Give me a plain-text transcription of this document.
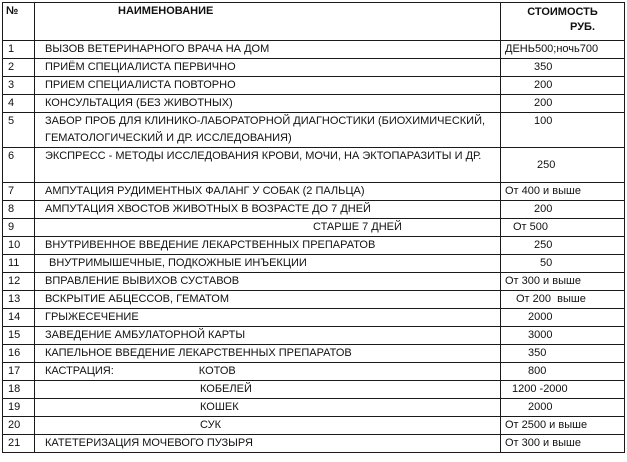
№	НАИМЕНОВАНИЕ	СТОИМОСТЬ
РУБ.

1	ВЫЗОВ ВЕТЕРИНАРНОГО ВРАЧА НА ДОМ	ДЕНЬ500;ночь700
2	ПРИЁМ СПЕЦИАЛИСТА ПЕРВИЧНО	350
3	ПРИЕМ СПЕЦИАЛИСТА ПОВТОРНО	200
4	КОНСУЛЬТАЦИЯ (БЕЗ ЖИВОТНЫХ)	200
5	ЗАБОР ПРОБ ДЛЯ КЛИНИКО-ЛАБОРАТОРНОЙ ДИАГНОСТИКИ (БИОХИМИЧЕСКИЙ, ГЕМАТОЛОГИЧЕСКИЙ И ДР. ИССЛЕДОВАНИЯ)	100
6	ЭКСПРЕСС - МЕТОДЫ ИССЛЕДОВАНИЯ КРОВИ, МОЧИ, НА ЭКТОПАРАЗИТЫ И ДР.	250
7	АМПУТАЦИЯ РУДИМЕНТНЫХ ФАЛАНГ У СОБАК (2 ПАЛЬЦА)	От 400 и выше
8	АМПУТАЦИЯ ХВОСТОВ ЖИВОТНЫХ В ВОЗРАСТЕ ДО 7 ДНЕЙ	200
9	СТАРШЕ 7 ДНЕЙ	От 500
10	ВНУТРИВЕННОЕ ВВЕДЕНИЕ ЛЕКАРСТВЕННЫХ ПРЕПАРАТОВ	250
11	ВНУТРИМЫШЕЧНЫЕ, ПОДКОЖНЫЕ ИНЪЕКЦИИ	50
12	ВПРАВЛЕНИЕ ВЫВИХОВ СУСТАВОВ	От 300 и выше
13	ВСКРЫТИЕ АБЦЕССОВ, ГЕМАТОМ	От 200  выше
14	ГРЫЖЕСЕЧЕНИЕ	2000
15	ЗАВЕДЕНИЕ АМБУЛАТОРНОЙ КАРТЫ	3000
16	КАПЕЛЬНОЕ ВВЕДЕНИЕ ЛЕКАРСТВЕННЫХ ПРЕПАРАТОВ	350
17	КАСТРАЦИЯ: КОТОВ	800
18	КОБЕЛЕЙ	1200 -2000
19	КОШЕК	2000
20	СУК	От 2500 и выше
21	КАТЕТЕРИЗАЦИЯ МОЧЕВОГО ПУЗЫРЯ	От 300 и выше
